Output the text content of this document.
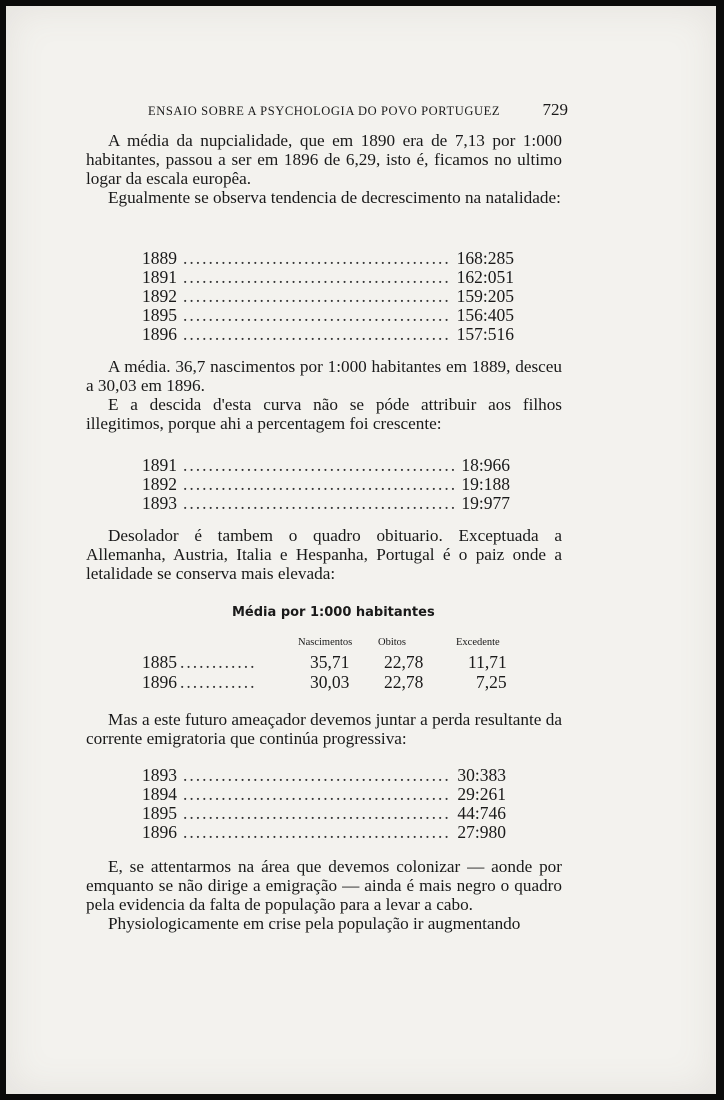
ENSAIO SOBRE A PSYCHOLOGIA DO POVO PORTUGUEZ 729

A média da nupcialidade, que em 1890 era de 7,13 por 1:000 habitantes, passou a ser em 1896 de 6,29, isto é, ficamos no ultimo logar da escala europêa.

Egualmente se observa tendencia de decrescimento na natalidade:

1889 .....	168:285
1891 .....	162:051
1892 .....	159:205
1895 .....	156:405
1896 .....	157:516

A média. 36,7 nascimentos por 1:000 habitantes em 1889, desceu a 30,03 em 1896.

E a descida d'esta curva não se póde attribuir aos filhos illegitimos, porque ahi a percentagem foi crescente:

1891 .....	18:966
1892 .....	19:188
1893 .....	19:977

Desolador é tambem o quadro obituario. Exceptuada a Allemanha, Austria, Italia e Hespanha, Portugal é o paiz onde a letalidade se conserva mais elevada:

Média por 1:000 habitantes
Nascimentos Obitos	Excedente
1885 ............	35,71 22,78	11,71
1896 ............	30,03 22,78	7,25

Mas a este futuro ameaçador devemos juntar a perda resultante da corrente emigratoria que continúa progressiva:

1893 .....	30:383
1894 .....	29:261
1895 .....	44:746
1896 .....	27:980

E, se attentarmos na área que devemos colonizar — aonde por emquanto se não dirige a emigração — ainda é mais negro o quadro pela evidencia da falta de população para a levar a cabo.

Physiologicamente em crise pela população ir augmentando
